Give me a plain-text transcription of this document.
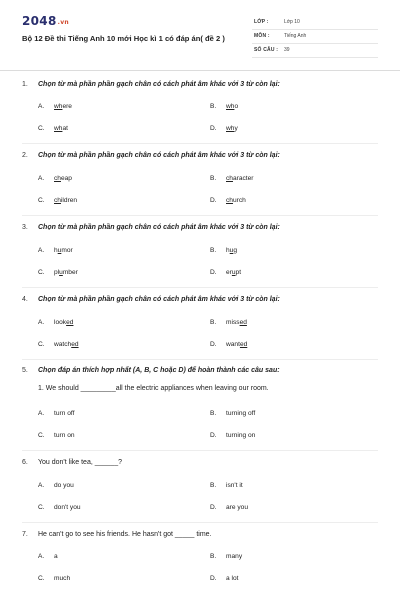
2048.vn
Bộ 12 Đề thi Tiếng Anh 10 mới Học kì 1 có đáp án( đề 2 )
LỚP :	Lớp 10
MÔN :	Tiếng Anh
SỐ CÂU : 39
1. Chọn từ mà phần phần gạch chân có cách phát âm khác với 3 từ còn lại:
A. where	B. who
C. what	D. why
2. Chọn từ mà phần phần gạch chân có cách phát âm khác với 3 từ còn lại:
A. cheap	B. character
C. children	D. church
3. Chọn từ mà phần phần gạch chân có cách phát âm khác với 3 từ còn lại:
A. humor	B. hug
C. plumber	D. erupt
4. Chọn từ mà phần phần gạch chân có cách phát âm khác với 3 từ còn lại:
A. looked	B. missed
C. watched	D. wanted
5. Chọn đáp án thích hợp nhất (A, B, C hoặc D) để hoàn thành các câu sau:
1. We should _________all the electric appliances when leaving our room.
A. turn off	B. turning off
C. turn on	D. turning on
6. You don't like tea, ______?
A. do you	B. isn't it
C. don't you	D. are you
7. He can't go to see his friends. He hasn't got _____ time.
A. a	B. many
C. much	D. a lot
